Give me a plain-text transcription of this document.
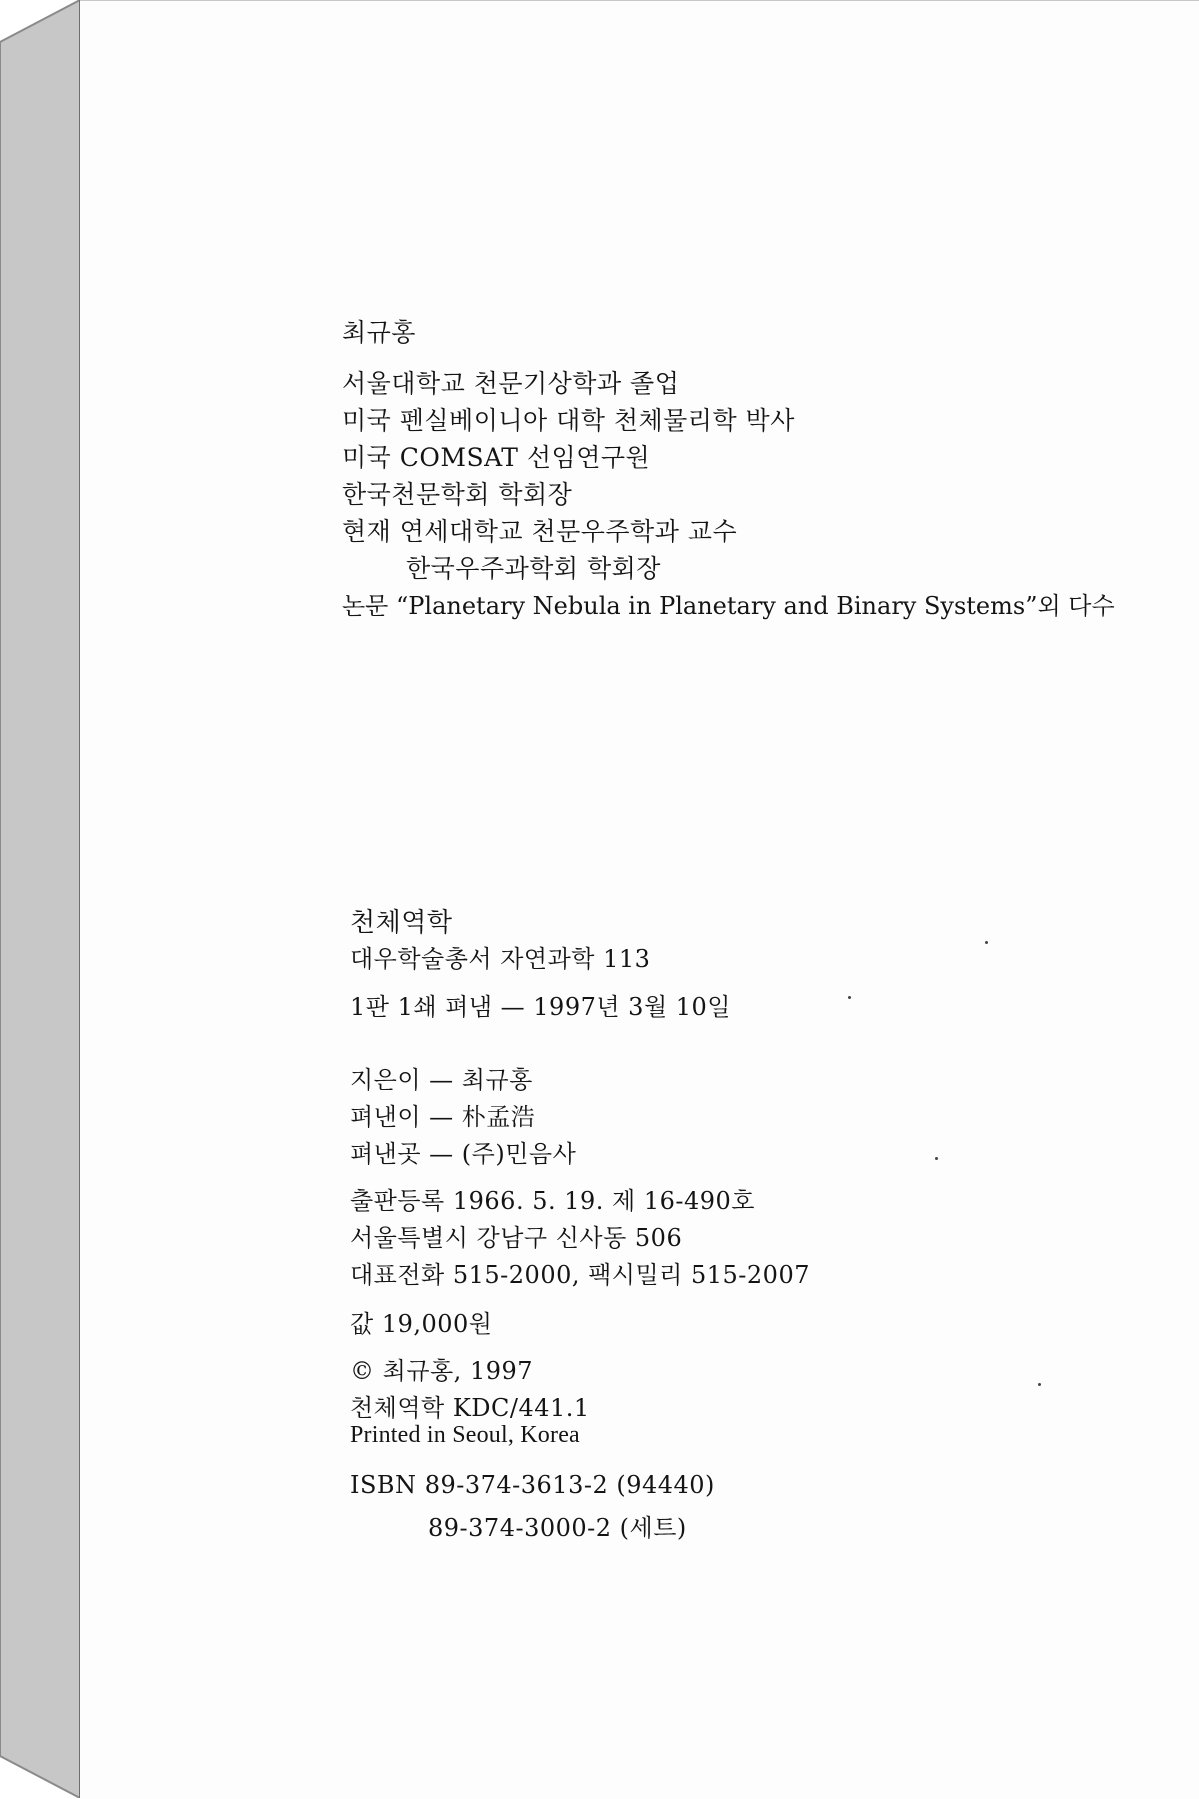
최규홍
서울대학교 천문기상학과 졸업
미국 펜실베이니아 대학 천체물리학 박사
미국 COMSAT 선임연구원
한국천문학회 학회장
현재 연세대학교 천문우주학과 교수
한국우주과학회 학회장
논문 “Planetary Nebula in Planetary and Binary Systems”외 다수
천체역학
대우학술총서 자연과학 113
1판 1쇄 펴냄 — 1997년 3월 10일
지은이 — 최규홍
펴낸이 — 朴孟浩
펴낸곳 — (주)민음사
출판등록 1966. 5. 19. 제 16-490호
서울특별시 강남구 신사동 506
대표전화 515-2000, 팩시밀리 515-2007
값 19,000원
© 최규홍, 1997
천체역학 KDC/441.1
Printed in Seoul, Korea
ISBN 89-374-3613-2 (94440)
89-374-3000-2 (세트)
